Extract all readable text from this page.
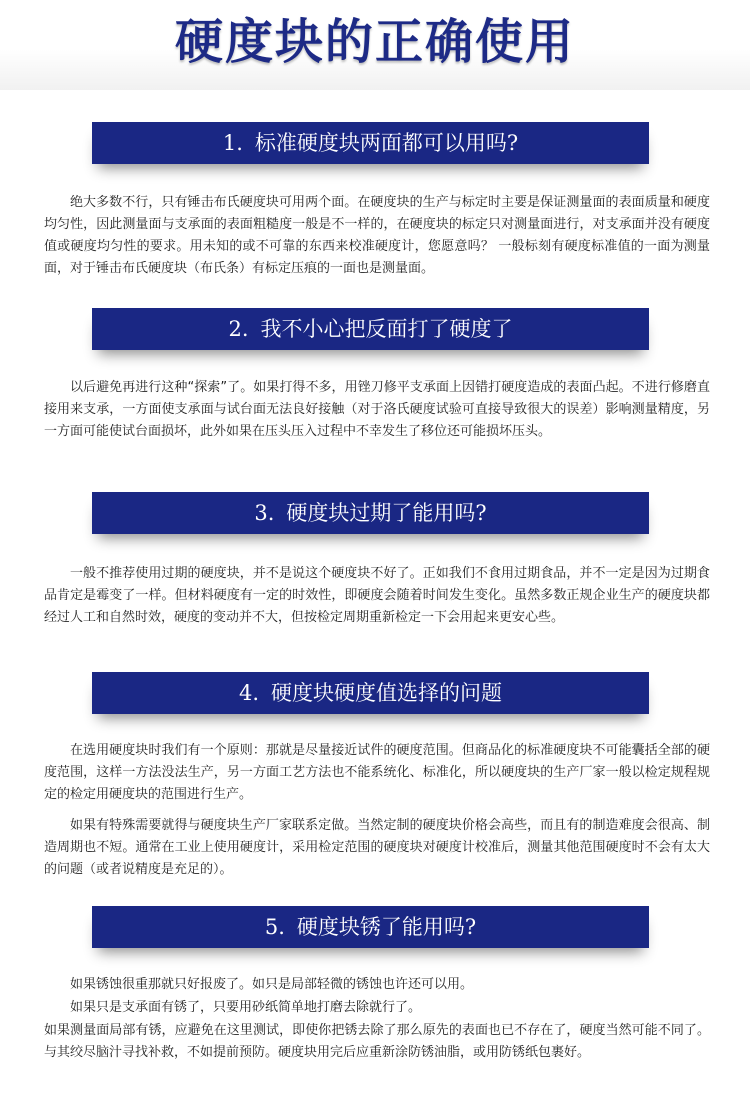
硬度块的正确使用
1. 标准硬度块两面都可以用吗?
绝大多数不行，只有锤击布氏硬度块可用两个面。在硬度块的生产与标定时主要是保证测量面的表面质量和硬度均匀性，因此测量面与支承面的表面粗糙度一般是不一样的，在硬度块的标定只对测量面进行，对支承面并没有硬度值或硬度均匀性的要求。用未知的或不可靠的东西来校准硬度计，您愿意吗？ 一般标刻有硬度标准值的一面为测量面，对于锤击布氏硬度块（布氏条）有标定压痕的一面也是测量面。
2. 我不小心把反面打了硬度了
以后避免再进行这种“探索”了。如果打得不多，用锉刀修平支承面上因错打硬度造成的表面凸起。不进行修磨直接用来支承，一方面使支承面与试台面无法良好接触（对于洛氏硬度试验可直接导致很大的误差）影响测量精度，另一方面可能使试台面损坏，此外如果在压头压入过程中不幸发生了移位还可能损坏压头。
3. 硬度块过期了能用吗?
一般不推荐使用过期的硬度块，并不是说这个硬度块不好了。正如我们不食用过期食品，并不一定是因为过期食品肯定是霉变了一样。但材料硬度有一定的时效性，即硬度会随着时间发生变化。虽然多数正规企业生产的硬度块都经过人工和自然时效，硬度的变动并不大，但按检定周期重新检定一下会用起来更安心些。
4. 硬度块硬度值选择的问题
在选用硬度块时我们有一个原则：那就是尽量接近试件的硬度范围。但商品化的标准硬度块不可能囊括全部的硬度范围，这样一方法没法生产，另一方面工艺方法也不能系统化、标准化，所以硬度块的生产厂家一般以检定规程规定的检定用硬度块的范围进行生产。
如果有特殊需要就得与硬度块生产厂家联系定做。当然定制的硬度块价格会高些，而且有的制造难度会很高、制造周期也不短。通常在工业上使用硬度计，采用检定范围的硬度块对硬度计校准后，测量其他范围硬度时不会有太大的问题（或者说精度是充足的）。
5. 硬度块锈了能用吗?
如果锈蚀很重那就只好报废了。如只是局部轻微的锈蚀也许还可以用。
如果只是支承面有锈了，只要用砂纸简单地打磨去除就行了。
如果测量面局部有锈，应避免在这里测试，即使你把锈去除了那么原先的表面也已不存在了，硬度当然可能不同了。与其绞尽脑汁寻找补救，不如提前预防。硬度块用完后应重新涂防锈油脂，或用防锈纸包裹好。
